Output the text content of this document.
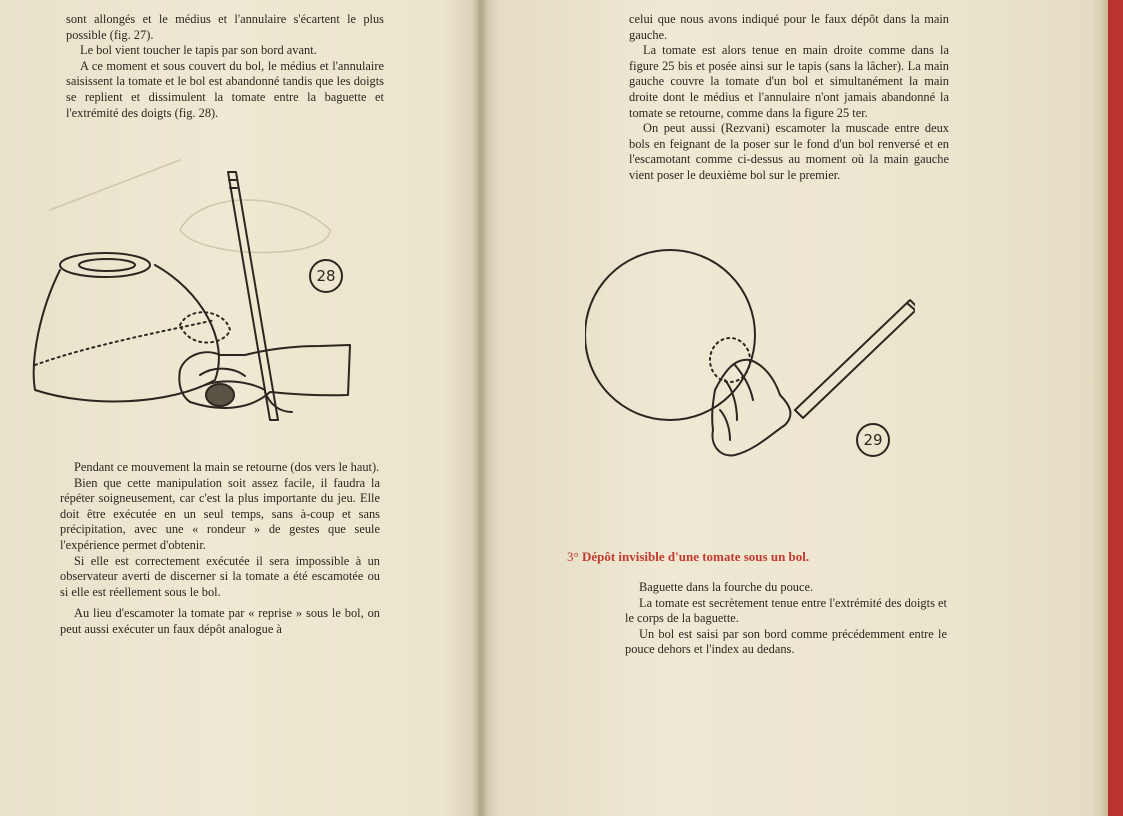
sont allongés et le médius et l'annulaire s'écartent le plus possible (fig. 27).

Le bol vient toucher le tapis par son bord avant.

A ce moment et sous couvert du bol, le médius et l'annulaire saisissent la tomate et le bol est abandonné tandis que les doigts se replient et dissimulent la tomate entre la baguette et l'extrémité des doigts (fig. 28).

28

Pendant ce mouvement la main se retourne (dos vers le haut).

Bien que cette manipulation soit assez facile, il faudra la répéter soigneusement, car c'est la plus importante du jeu. Elle doit être exécutée en un seul temps, sans à-coup et sans précipitation, avec une « rondeur » de gestes que seule l'expérience permet d'obtenir.

Si elle est correctement exécutée il sera impossible à un observateur averti de discerner si la tomate a été escamotée ou si elle est réellement sous le bol.

Au lieu d'escamoter la tomate par « reprise » sous le bol, on peut aussi exécuter un faux dépôt analogue à

celui que nous avons indiqué pour le faux dépôt dans la main gauche.

La tomate est alors tenue en main droite comme dans la figure 25 bis et posée ainsi sur le tapis (sans la lâcher). La main gauche couvre la tomate d'un bol et simultanément la main droite dont le médius et l'annulaire n'ont jamais abandonné la tomate se retourne, comme dans la figure 25 ter.

On peut aussi (Rezvani) escamoter la muscade entre deux bols en feignant de la poser sur le fond d'un bol renversé et en l'escamotant comme ci-dessus au moment où la main gauche vient poser le deuxième bol sur le premier.

29
3° Dépôt invisible d'une tomate sous un bol.

Baguette dans la fourche du pouce.

La tomate est secrètement tenue entre l'extrémité des doigts et le corps de la baguette.

Un bol est saisi par son bord comme précédemment entre le pouce dehors et l'index au dedans.
